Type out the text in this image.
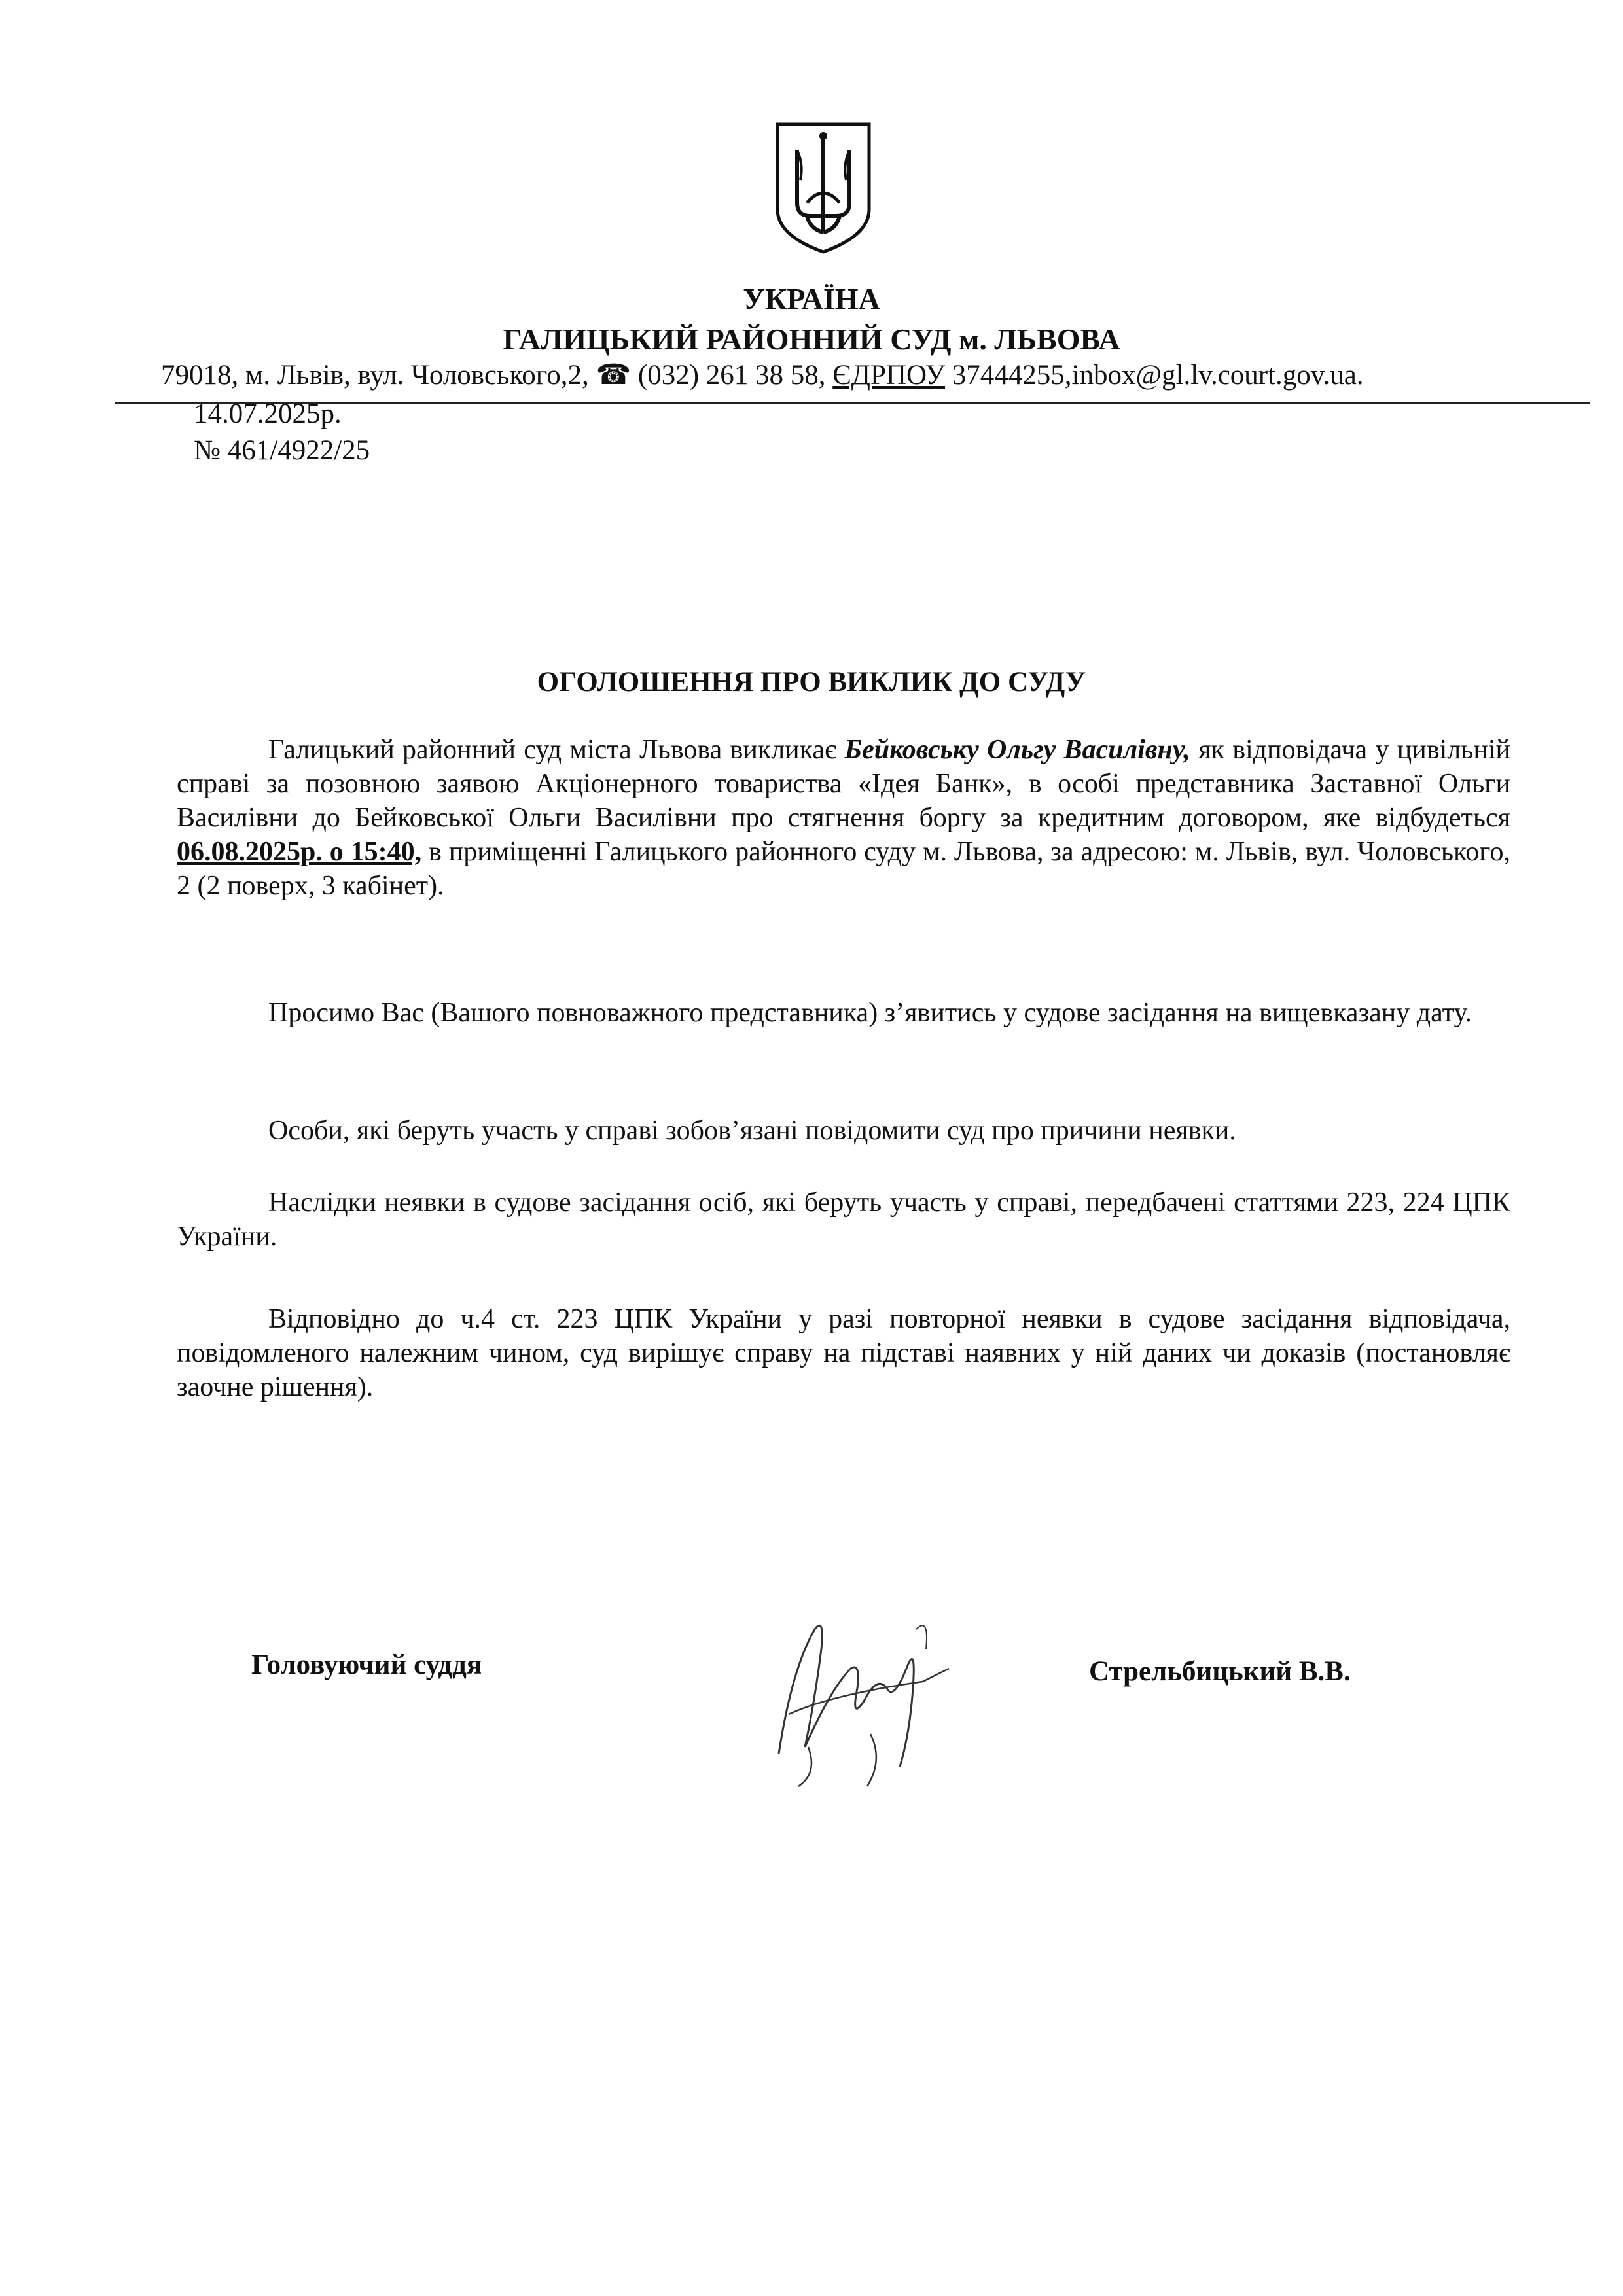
УКРАЇНА
ГАЛИЦЬКИЙ РАЙОННИЙ СУД м. ЛЬВОВА
79018, м. Львів, вул. Чоловського,2, ☎ (032) 261 38 58, ЄДРПОУ 37444255,inbox@gl.lv.court.gov.ua.
14.07.2025р.
№ 461/4922/25
ОГОЛОШЕННЯ ПРО ВИКЛИК ДО СУДУ
Галицький районний суд міста Львова викликає Бейковську Ольгу Василівну, як відповідача у цивільній справі за позовною заявою Акціонерного товариства «Ідея Банк», в особі представника Заставної Ольги Василівни до Бейковської Ольги Василівни про стягнення боргу за кредитним договором, яке відбудеться 06.08.2025р. о 15:40, в приміщенні Галицького районного суду м. Львова, за адресою: м. Львів, вул. Чоловського, 2 (2 поверх, 3 кабінет).
Просимо Вас (Вашого повноважного представника) з’явитись у судове засідання на вищевказану дату.
Особи, які беруть участь у справі зобов’язані повідомити суд про причини неявки.
Наслідки неявки в судове засідання осіб, які беруть участь у справі, передбачені статтями 223, 224 ЦПК України.
Відповідно до ч.4 ст. 223 ЦПК України у разі повторної неявки в судове засідання відповідача, повідомленого належним чином, суд вирішує справу на підставі наявних у ній даних чи доказів (постановляє заочне рішення).
Головуючий суддя	Стрельбицький В.В.
